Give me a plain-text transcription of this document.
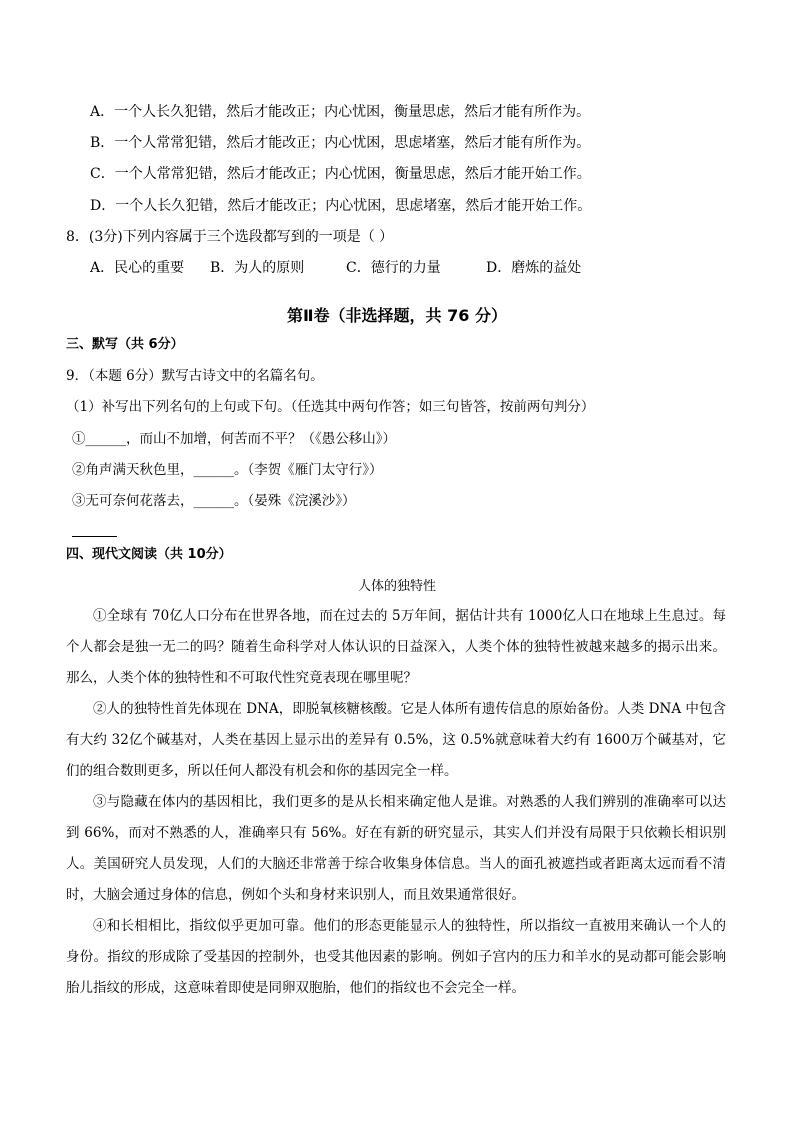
A．一个人长久犯错，然后才能改正；内心忧困，衡量思虑，然后才能有所作为。
B．一个人常常犯错，然后才能改正；内心忧困，思虑堵塞，然后才能有所作为。
C．一个人常常犯错，然后才能改正；内心忧困，衡量思虑，然后才能开始工作。
D．一个人长久犯错，然后才能改正；内心忧困，思虑堵塞，然后才能开始工作。
8．(3分)下列内容属于三个选段都写到的一项是（ ）
A．民心的重要 B．为人的原则	C．德行的力量	D．磨炼的益处
第Ⅱ卷（非选择题，共 76 分）
三、默写（共 6分）
9．（本题 6分）默写古诗文中的名篇名句。
（1）补写出下列名句的上句或下句。（任选其中两句作答；如三句皆答，按前两句判分）
①______，而山不加增，何苦而不平？（《愚公移山》）
②角声满天秋色里，______。（李贺《雁门太守行》）
③无可奈何花落去，______。（晏殊《浣溪沙》）
四、现代文阅读（共 10分）
人体的独特性
①全球有 70亿人口分布在世界各地，而在过去的 5万年间，据估计共有 1000亿人口在地球上生息过。每个人都会是独一无二的吗？随着生命科学对人体认识的日益深入，人类个体的独特性被越来越多的揭示出来。那么，人类个体的独特性和不可取代性究竟表现在哪里呢？
②人的独特性首先体现在 DNA，即脱氧核糖核酸。它是人体所有遗传信息的原始备份。人类 DNA 中包含有大约 32亿个碱基对，人类在基因上显示出的差异有 0.5%，这 0.5%就意味着大约有 1600万个碱基对，它们的组合数則更多，所以任何人都没有机会和你的基因完全一样。
③与隐藏在体内的基因相比，我们更多的是从长相来确定他人是谁。对熟悉的人我们辨别的准确率可以达到 66%，而对不熟悉的人，准确率只有 56%。好在有新的研究显示，其实人们并没有局限于只依赖长相识别人。美国研究人员发现，人们的大脑还非常善于综合收集身体信息。当人的面孔被遮挡或者距离太远而看不清时，大脑会通过身体的信息，例如个头和身材来识别人，而且效果通常很好。
④和长相相比，指纹似乎更加可靠。他们的形态更能显示人的独特性，所以指纹一直被用来确认一个人的身份。指纹的形成除了受基因的控制外，也受其他因素的影响。例如子宫内的压力和羊水的晃动都可能会影响胎儿指纹的形成，这意味着即使是同卵双胞胎，他们的指纹也不会完全一样。
